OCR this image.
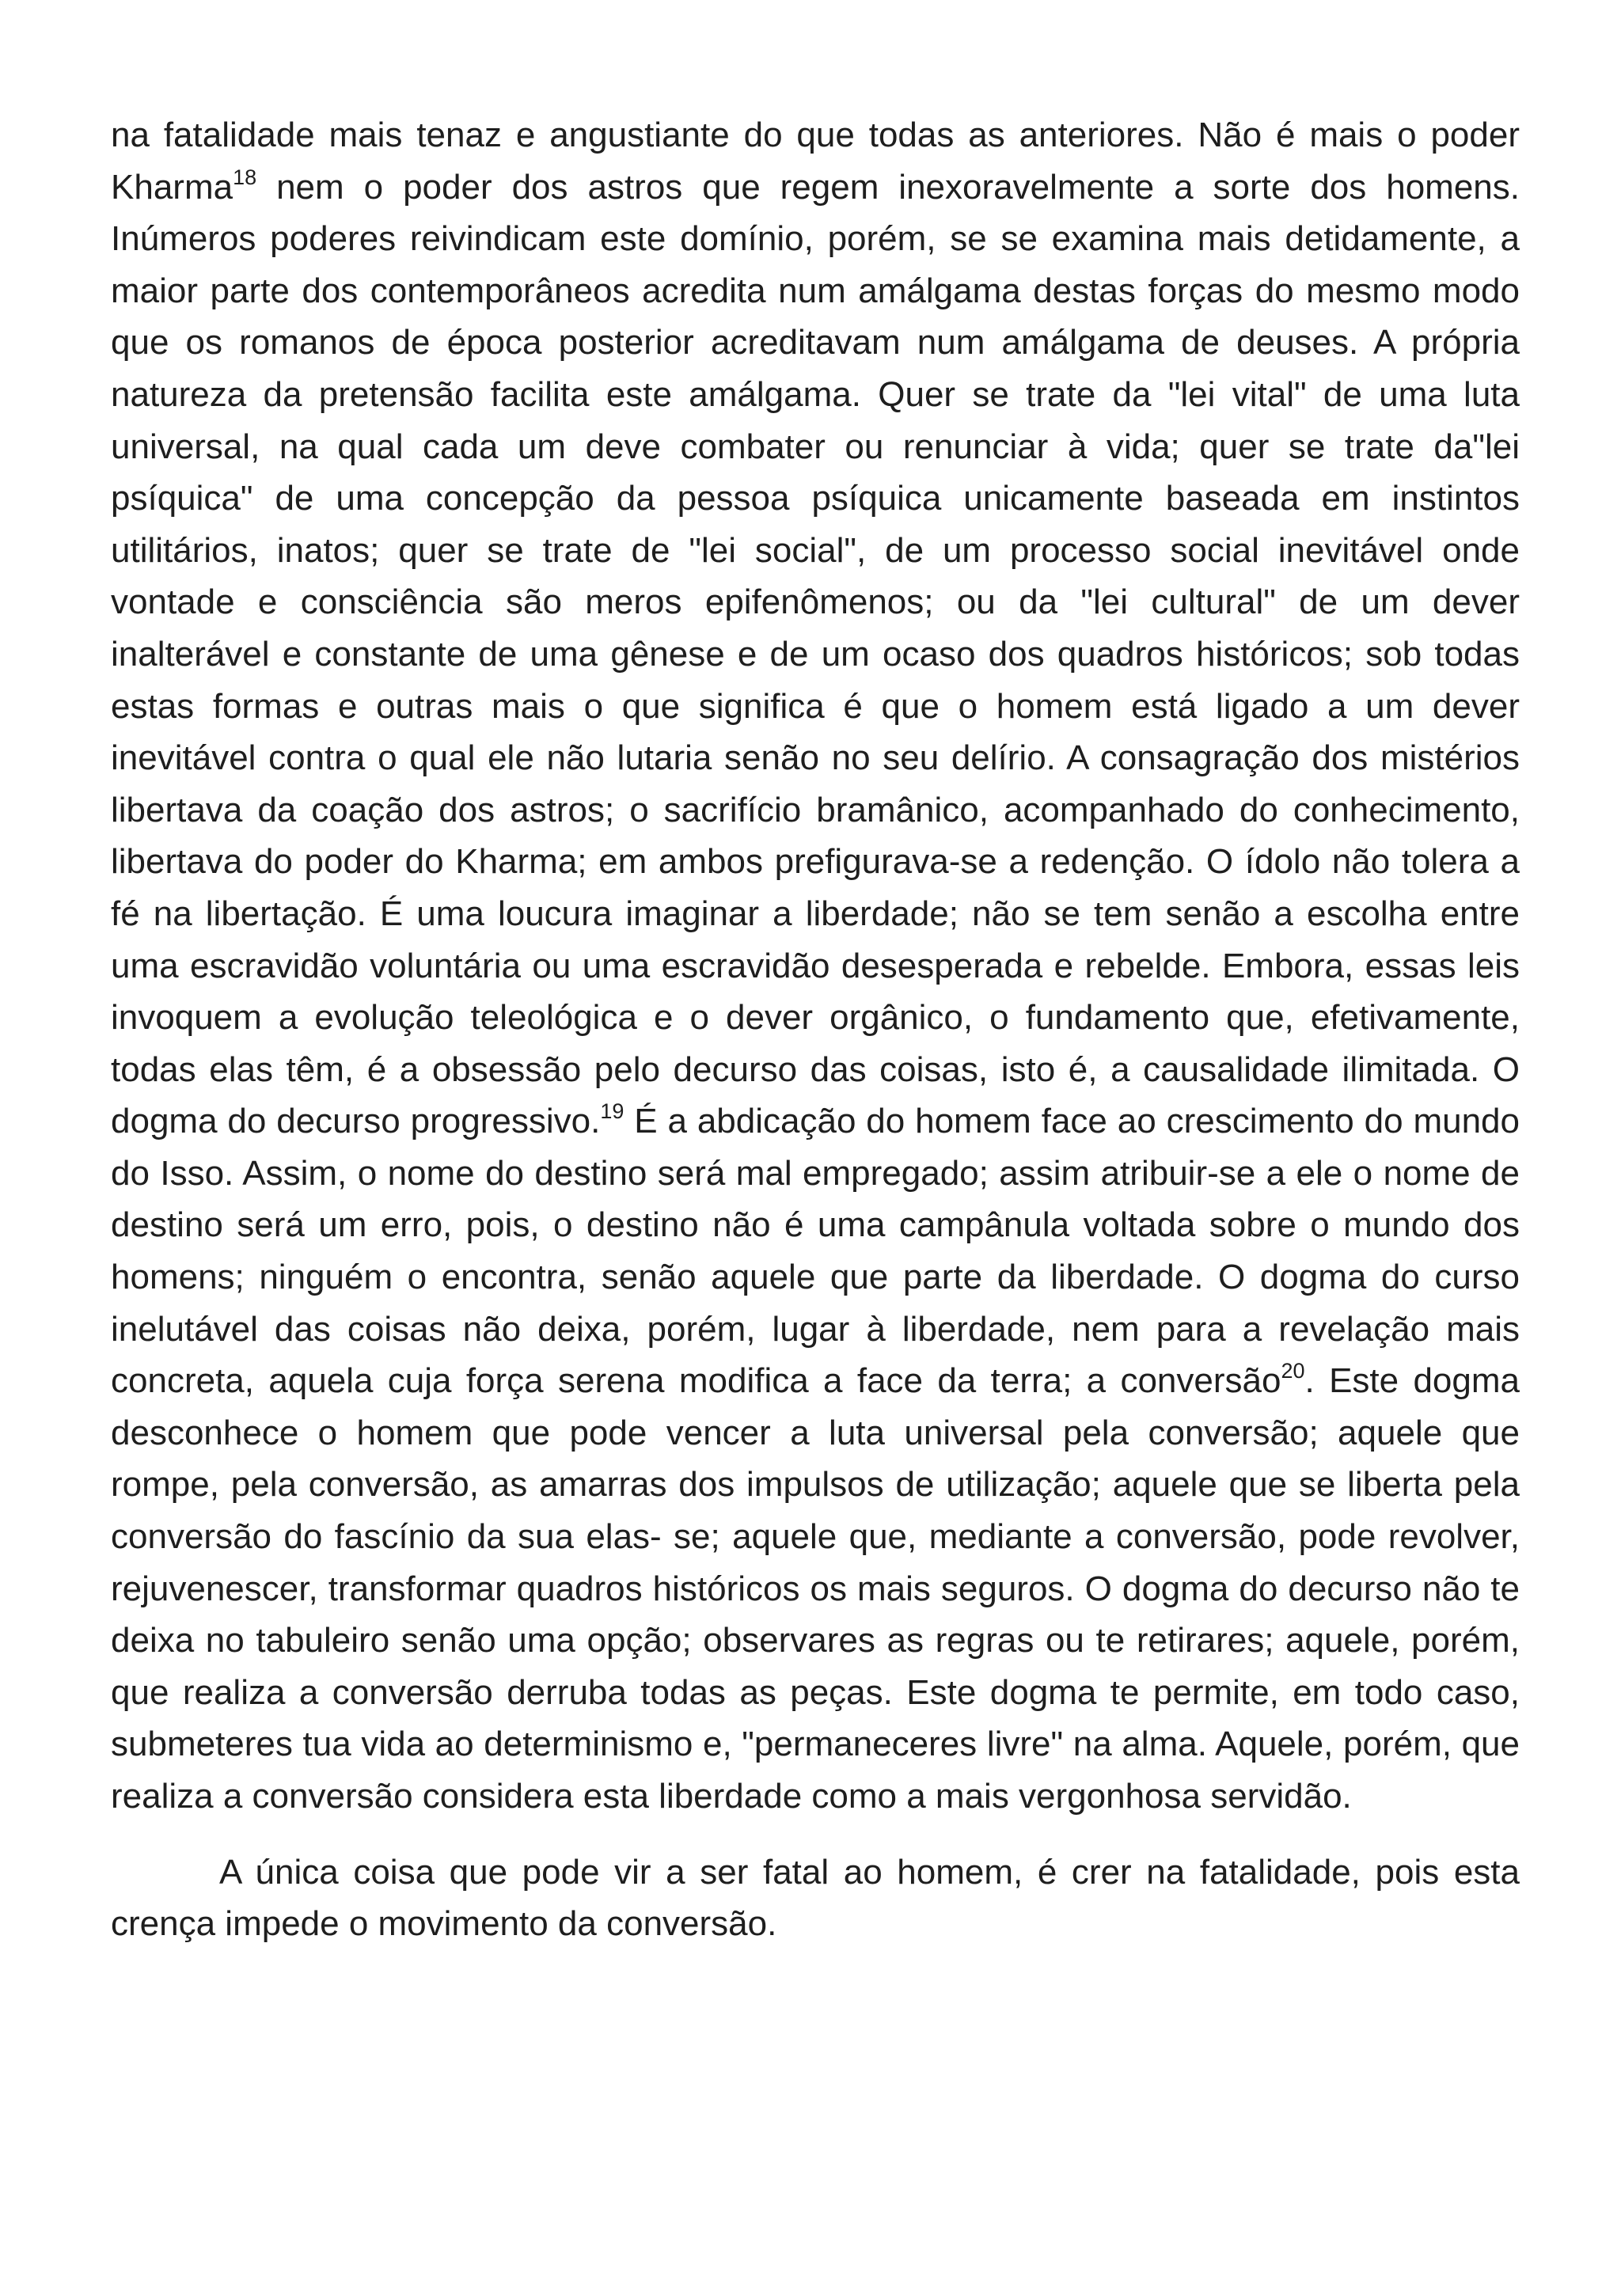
na fatalidade mais tenaz e angustiante do que todas as anteriores. Não é mais o poder Kharma$^{18}$ nem o poder dos astros que regem inexoravelmente a sorte dos homens. Inúmeros poderes reivindicam este domínio, porém, se se examina mais detidamente, a maior parte dos contemporâneos acredita num amálgama destas forças do mesmo modo que os romanos de época posterior acreditavam num amálgama de deuses. A própria natureza da pretensão facilita este amálgama. Quer se trate da "lei vital" de uma luta universal, na qual cada um deve combater ou renunciar à vida; quer se trate da"lei psíquica" de uma concepção da pessoa psíquica unicamente baseada em instintos utilitários, inatos; quer se trate de "lei social", de um processo social inevitável onde vontade e consciência são meros epifenômenos; ou da "lei cultural" de um dever inalterável e constante de uma gênese e de um ocaso dos quadros históricos; sob todas estas formas e outras mais o que significa é que o homem está ligado a um dever inevitável contra o qual ele não lutaria senão no seu delírio. A consagração dos mistérios libertava da coação dos astros; o sacrifício bramânico, acompanhado do conhecimento, libertava do poder do Kharma; em ambos prefigurava-se a redenção. O ídolo não tolera a fé na libertação. É uma loucura imaginar a liberdade; não se tem senão a escolha entre uma escravidão voluntária ou uma escravidão desesperada e rebelde. Embora, essas leis invoquem a evolução teleológica e o dever orgânico, o fundamento que, efetivamente, todas elas têm, é a obsessão pelo decurso das coisas, isto é, a causalidade ilimitada. O dogma do decurso progressivo.$^{19}$ É a abdicação do homem face ao crescimento do mundo do Isso. Assim, o nome do destino será mal empregado; assim atribuir-se a ele o nome de destino será um erro, pois, o destino não é uma campânula voltada sobre o mundo dos homens; ninguém o encontra, senão aquele que parte da liberdade. O dogma do curso inelutável das coisas não deixa, porém, lugar à liberdade, nem para a revelação mais concreta, aquela cuja força serena modifica a face da terra; a conversão$^{20}$. Este dogma desconhece o homem que pode vencer a luta universal pela conversão; aquele que rompe, pela conversão, as amarras dos impulsos de utilização; aquele que se liberta pela conversão do fascínio da sua elas- se; aquele que, mediante a conversão, pode revolver, rejuvenescer, transformar quadros históricos os mais seguros. O dogma do decurso não te deixa no tabuleiro senão uma opção; observares as regras ou te retirares; aquele, porém, que realiza a conversão derruba todas as peças. Este dogma te permite, em todo caso, submeteres tua vida ao determinismo e, "permaneceres livre" na alma. Aquele, porém, que realiza a conversão considera esta liberdade como a mais vergonhosa servidão.

A única coisa que pode vir a ser fatal ao homem, é crer na fatalidade, pois esta crença impede o movimento da conversão.
